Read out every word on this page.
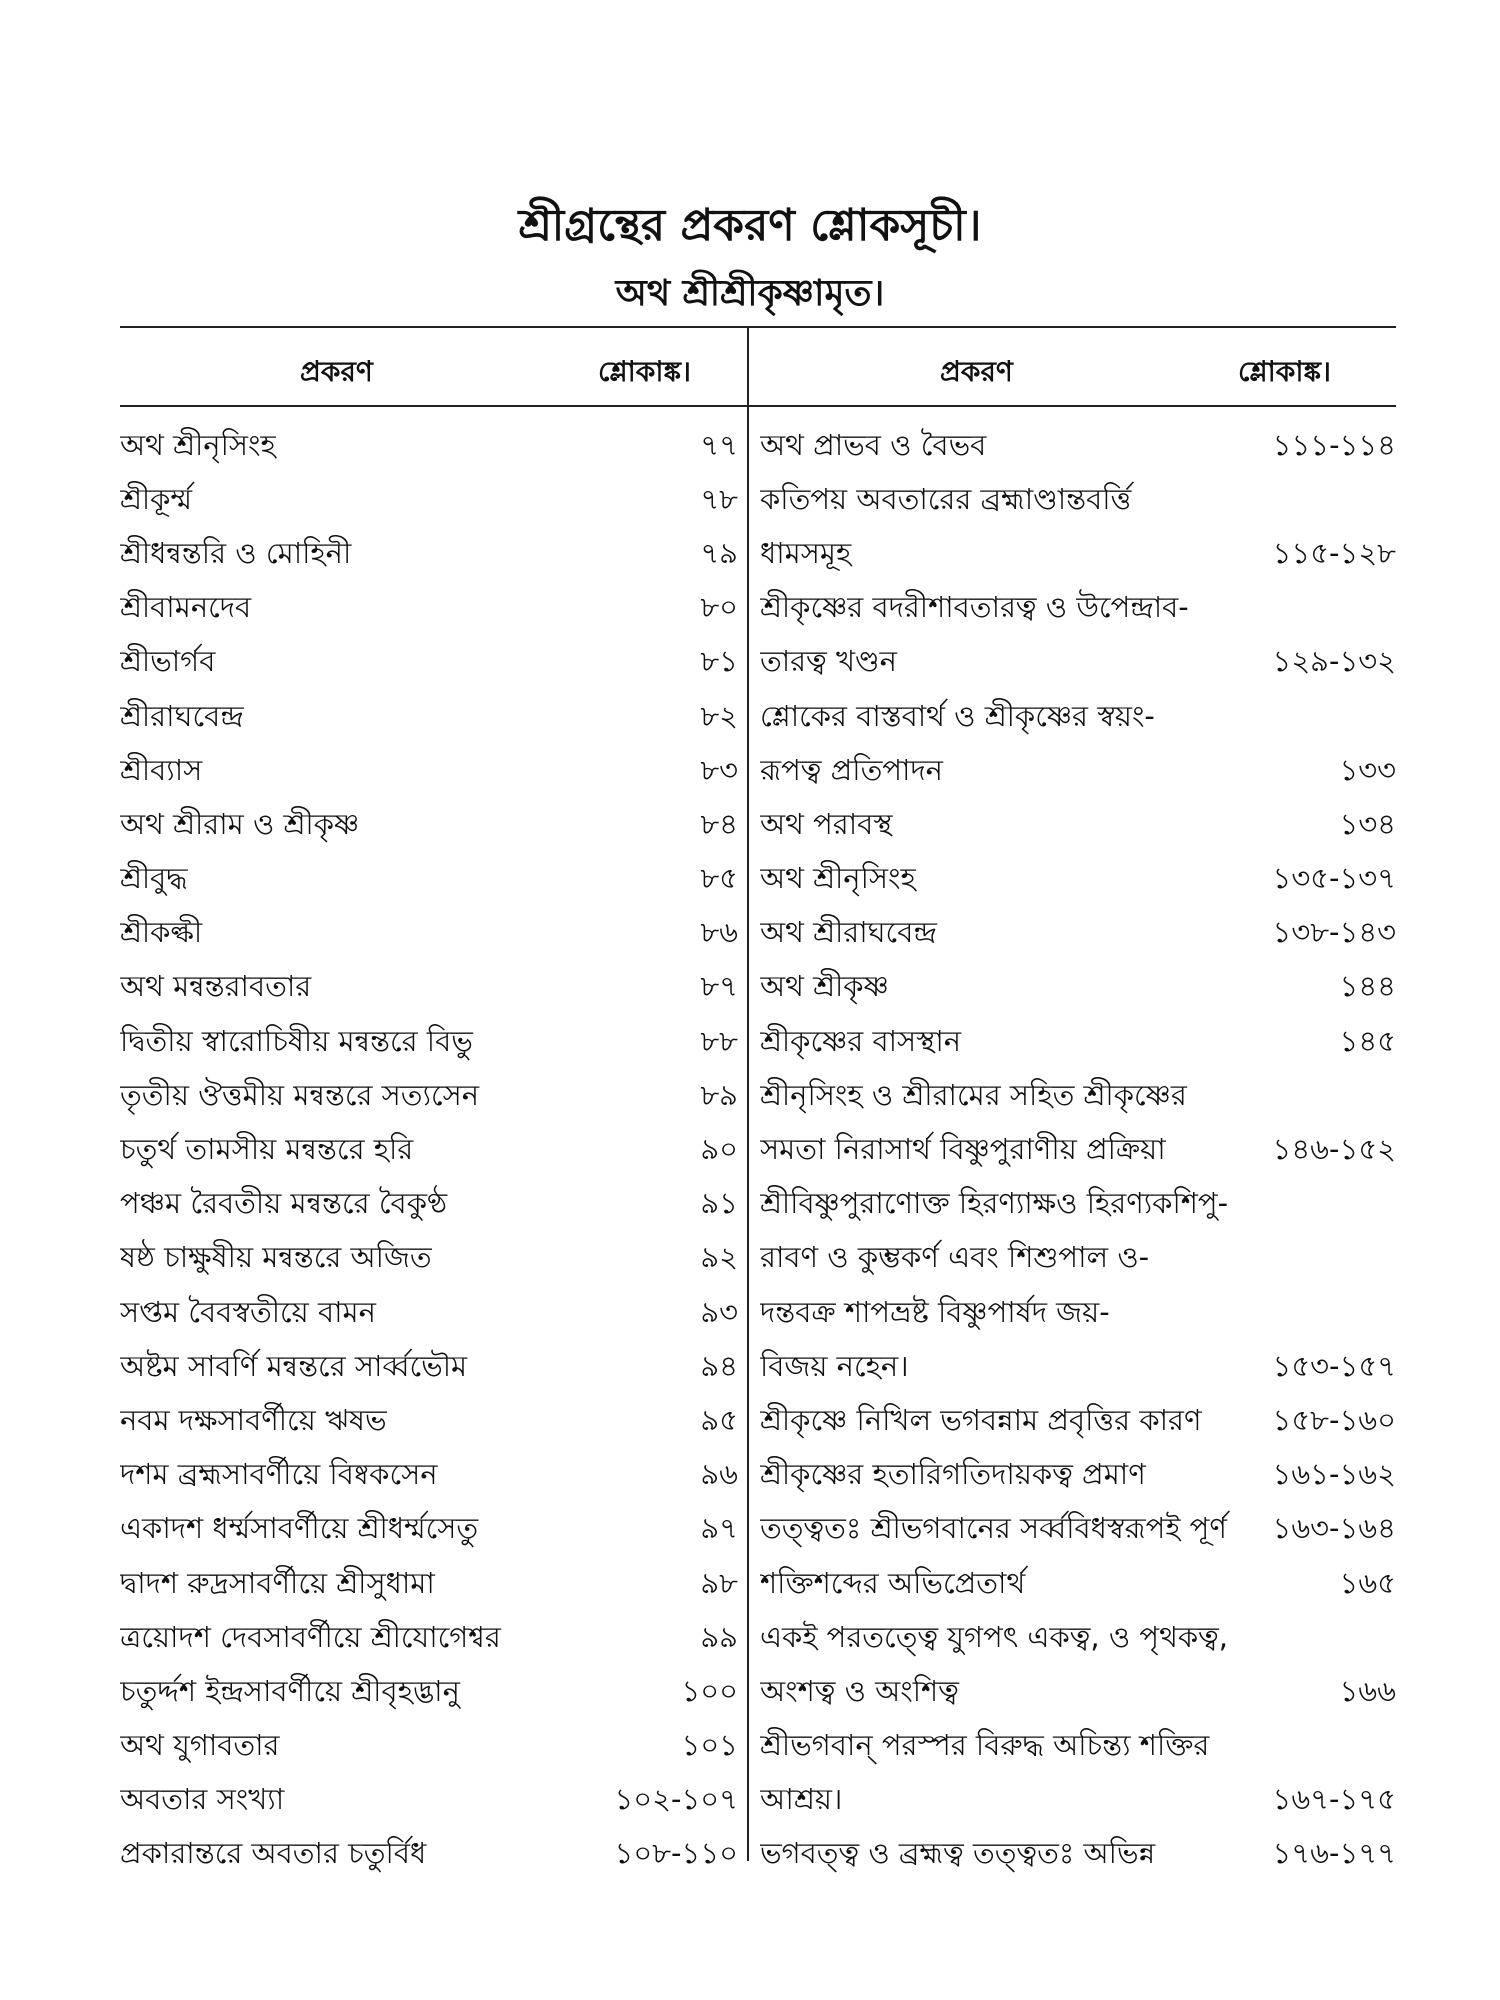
শ্রীগ্রন্থের প্রকরণ শ্লোকসূচী।
অথ শ্রীশ্রীকৃষ্ণামৃত।
প্রকরণ	শ্লোকাঙ্ক।	প্রকরণ	শ্লোকাঙ্ক।
অথ শ্রীনৃসিংহ	৭৭
শ্রীকূর্ম্ম	৭৮
শ্রীধন্বন্তরি ও মোহিনী	৭৯
শ্রীবামনদেব	৮০
শ্রীভার্গব	৮১
শ্রীরাঘবেন্দ্র	৮২
শ্রীব্যাস	৮৩
অথ শ্রীরাম ও শ্রীকৃষ্ণ	৮৪
শ্রীবুদ্ধ	৮৫
শ্রীকল্কী	৮৬
অথ মন্বন্তরাবতার	৮৭
দ্বিতীয় স্বারোচিষীয় মন্বন্তরে বিভু	৮৮
তৃতীয় ঔত্তমীয় মন্বন্তরে সত্যসেন	৮৯
চতুর্থ তামসীয় মন্বন্তরে হরি	৯০
পঞ্চম রৈবতীয় মন্বন্তরে বৈকুণ্ঠ	৯১
ষষ্ঠ চাক্ষুষীয় মন্বন্তরে অজিত	৯২
সপ্তম বৈবস্বতীয়ে বামন	৯৩
অষ্টম সাবর্ণি মন্বন্তরে সার্ব্বভৌম	৯৪
নবম দক্ষসাবর্ণীয়ে ঋষভ	৯৫
দশম ব্রহ্মসাবর্ণীয়ে বিষ্বকসেন	৯৬
একাদশ ধর্ম্মসাবর্ণীয়ে শ্রীধর্ম্মসেতু	৯৭
দ্বাদশ রুদ্রসাবর্ণীয়ে শ্রীসুধামা	৯৮
ত্রয়োদশ দেবসাবর্ণীয়ে শ্রীযোগেশ্বর	৯৯
চতুর্দ্দশ ইন্দ্রসাবর্ণীয়ে শ্রীবৃহদ্ভানু	১০০
অথ যুগাবতার	১০১
অবতার সংখ্যা	১০২-১০৭
প্রকারান্তরে অবতার চতুর্বিধ	১০৮-১১০
অথ প্রাভব ও বৈভব	১১১-১১৪
কতিপয় অবতারের ব্রহ্মাণ্ডান্তবর্ত্তি
ধামসমূহ	১১৫-১২৮
শ্রীকৃষ্ণের বদরীশাবতারত্ব ও উপেন্দ্রাব-
তারত্ব খণ্ডন	১২৯-১৩২
শ্লোকের বাস্তবার্থ ও শ্রীকৃষ্ণের স্বয়ং-
রূপত্ব প্রতিপাদন	১৩৩
অথ পরাবস্থ	১৩৪
অথ শ্রীনৃসিংহ	১৩৫-১৩৭
অথ শ্রীরাঘবেন্দ্র	১৩৮-১৪৩
অথ শ্রীকৃষ্ণ	১৪৪
শ্রীকৃষ্ণের বাসস্থান	১৪৫
শ্রীনৃসিংহ ও শ্রীরামের সহিত শ্রীকৃষ্ণের
সমতা নিরাসার্থ বিষ্ণুপুরাণীয় প্রক্রিয়া	১৪৬-১৫২
শ্রীবিষ্ণুপুরাণোক্ত হিরণ্যাক্ষও হিরণ্যকশিপু-
রাবণ ও কুম্ভকর্ণ এবং শিশুপাল ও-
দন্তবক্র শাপভ্রষ্ট বিষ্ণুপার্ষদ জয়-
বিজয় নহেন।	১৫৩-১৫৭
শ্রীকৃষ্ণে নিখিল ভগবন্নাম প্রবৃত্তির কারণ	১৫৮-১৬০
শ্রীকৃষ্ণের হতারিগতিদায়কত্ব প্রমাণ	১৬১-১৬২
তত্ত্বতঃ শ্রীভগবানের সর্ব্ববিধস্বরূপই পূর্ণ	১৬৩-১৬৪
শক্তিশব্দের অভিপ্রেতার্থ	১৬৫
একই পরতত্ত্বে যুগপৎ একত্ব, ও পৃথকত্ব,
অংশত্ব ও অংশিত্ব	১৬৬
শ্রীভগবান্ পরস্পর বিরুদ্ধ অচিন্ত্য শক্তির
আশ্রয়।	১৬৭-১৭৫
ভগবত্ত্ব ও ব্রহ্মত্ব তত্ত্বতঃ অভিন্ন	১৭৬-১৭৭
